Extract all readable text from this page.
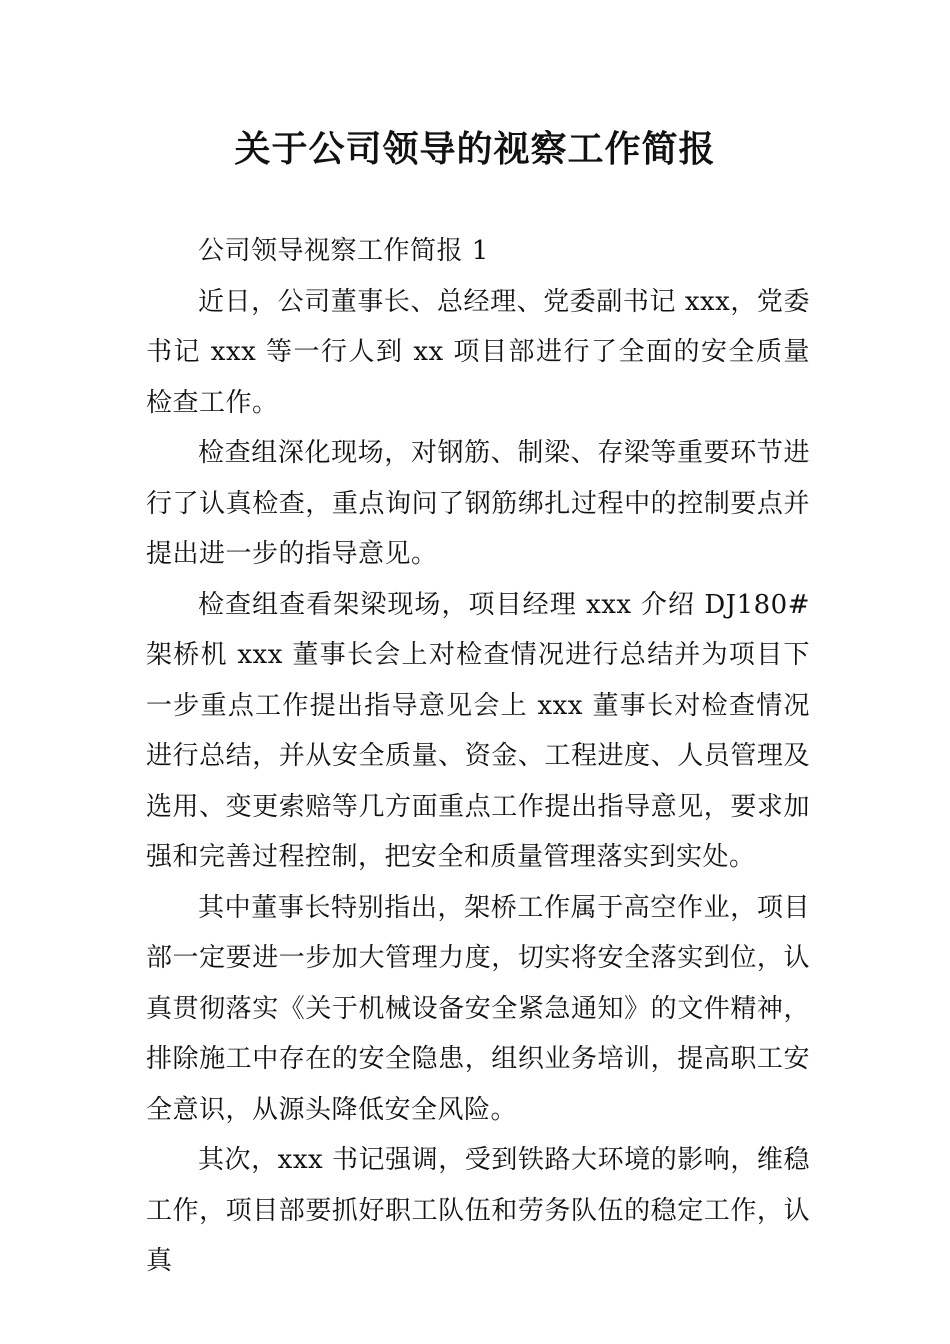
关于公司领导的视察工作简报

公司领导视察工作简报 1

近日，公司董事长、总经理、党委副书记 xxx，党委书记 xxx 等一行人到 xx 项目部进行了全面的安全质量检查工作。

检查组深化现场，对钢筋、制梁、存梁等重要环节进行了认真检查，重点询问了钢筋绑扎过程中的控制要点并提出进一步的指导意见。

检查组查看架梁现场，项目经理 xxx 介绍 DJ180#架桥机 xxx 董事长会上对检查情况进行总结并为项目下一步重点工作提出指导意见会上 xxx 董事长对检查情况进行总结，并从安全质量、资金、工程进度、人员管理及选用、变更索赔等几方面重点工作提出指导意见，要求加强和完善过程控制，把安全和质量管理落实到实处。

其中董事长特别指出，架桥工作属于高空作业，项目部一定要进一步加大管理力度，切实将安全落实到位，认真贯彻落实《关于机械设备安全紧急通知》的文件精神，排除施工中存在的安全隐患，组织业务培训，提高职工安全意识，从源头降低安全风险。

其次，xxx 书记强调，受到铁路大环境的影响，维稳工作，项目部要抓好职工队伍和劳务队伍的稳定工作，认真
